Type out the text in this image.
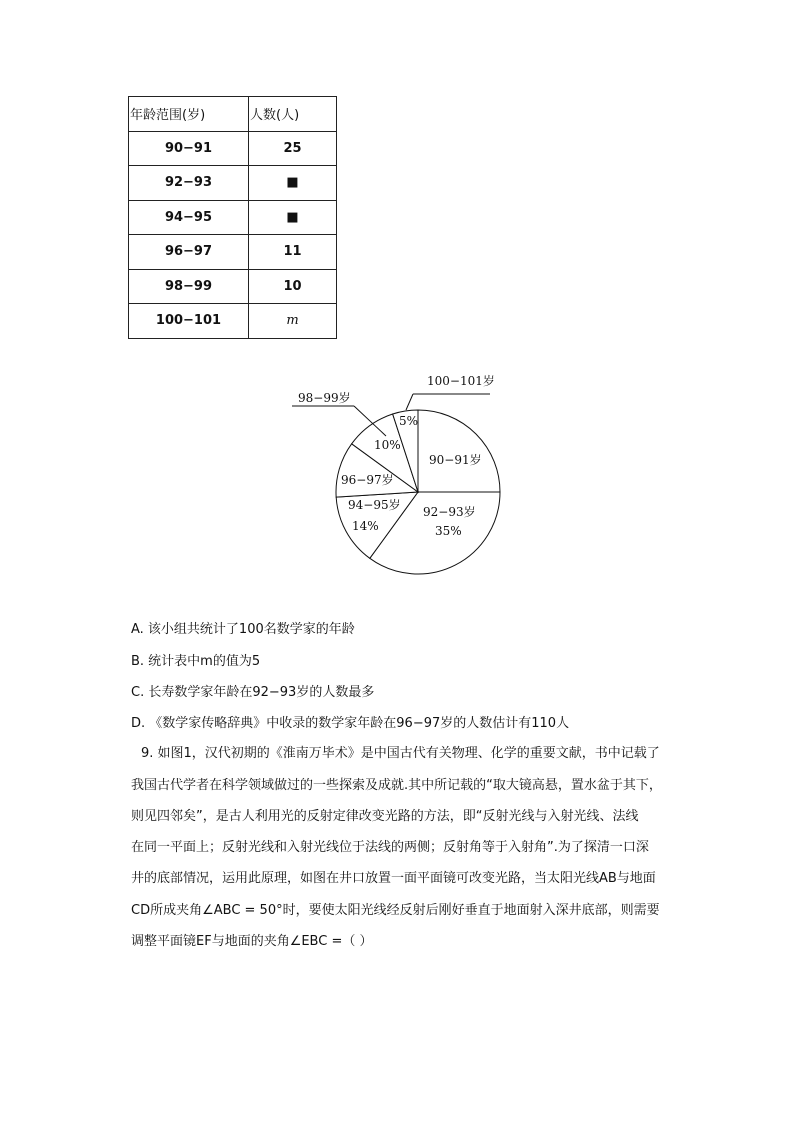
年龄范围(岁)	人数(人)
90−91	25
92−93	■
94−95	■
96−97	11
98−99	10
100−101	m
100−101岁
98−99岁
5%
10%
90−91岁
96−97岁
94−95岁
14%
92−93岁
35%
A. 该小组共统计了100名数学家的年龄
B. 统计表中m的值为5
C. 长寿数学家年龄在92−93岁的人数最多
D. 《数学家传略辞典》中收录的数学家年龄在96−97岁的人数估计有110人
9. 如图1，汉代初期的《淮南万毕术》是中国古代有关物理、化学的重要文献，书中记载了
我国古代学者在科学领域做过的一些探索及成就.其中所记载的“取大镜高悬，置水盆于其下，
则见四邻矣”，是古人利用光的反射定律改变光路的方法，即“反射光线与入射光线、法线
在同一平面上；反射光线和入射光线位于法线的两侧；反射角等于入射角”.为了探清一口深
井的底部情况，运用此原理，如图在井口放置一面平面镜可改变光路，当太阳光线AB与地面
CD所成夹角∠ABC = 50°时，要使太阳光线经反射后刚好垂直于地面射入深井底部，则需要
调整平面镜EF与地面的夹角∠EBC =（ ）
